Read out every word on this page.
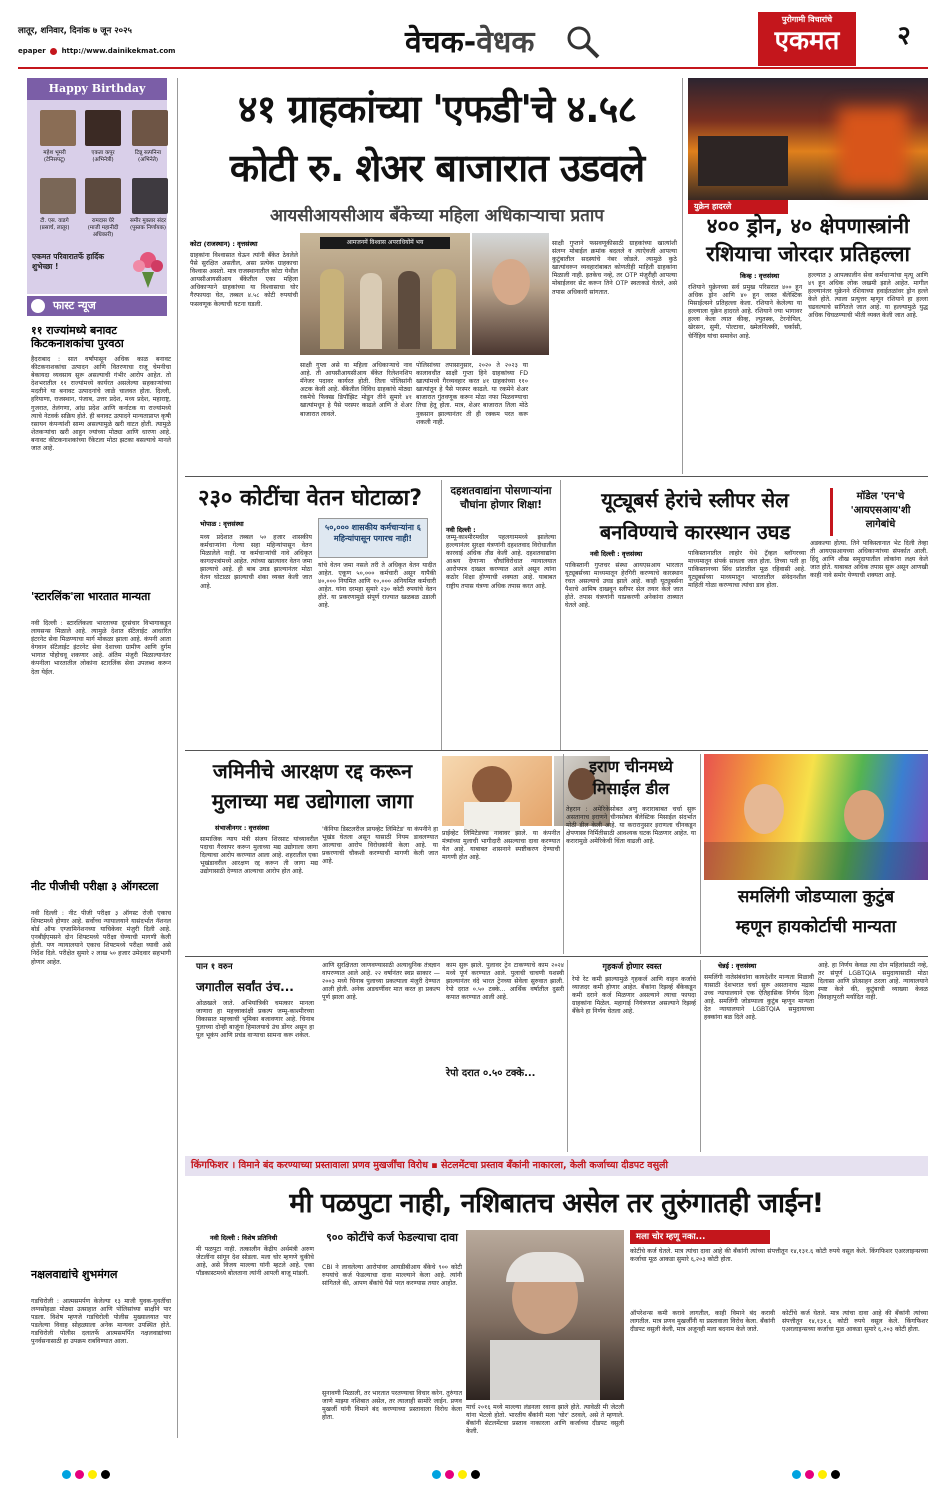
लातूर, शनिवार, दिनांक ७ जून २०२५
epaper http://www.dainikekmat.com	वेचक-वेधक
पुरोगामी विचारांचे
एकमत	२
Happy Birthday
महेश भूमरी
(टेनिसपटू)
एकता कपूर
(अभिनेत्री)
टिन्नू सत्पनिना
(अभिनेते)
टी. एस. वाडगे
(प्रसार्च, लातूर)
रामदास घेरे
(माजी महानीदी अधिकारी)
समीर मुक्तार संदर
(पुस्तक निर्णायक)
एकमत परिवारातर्फे हार्दिक शुभेच्छा !
फास्ट न्यूज
११ राज्यांमध्ये बनावट किटकनाशकांचा पुरवठा
हैदराबाद : सात वर्षांपासून अधिक काळ बनावट कीटकनाशकांचा उत्पादन आणि वितरणाचा राजू चेमनीचा बेकायदा व्यवसाय सुरू असल्याची गंभीर आरोप आहेत. तो देशभरातील ११ राज्यांमध्ये कार्यरत असलेल्या सहकाऱ्यांच्या मदतीने या बनावट उत्पादनांचे जाळे चालवत होता. दिल्ली, हरियाणा, राजस्थान, पंजाब, उत्तर प्रदेश, मध्य प्रदेश, महाराष्ट्र, गुजरात, तेलंगणा, आंध्र प्रदेश आणि कर्नाटक या राज्यांमध्ये त्याचे नेटवर्क सक्रिय होते. ही बनावट उत्पादने मान्यताप्राप्त कृषी रसायन कंपन्यांशी साम्य असल्यामुळे खरी वाटत होती. त्यामुळे शेतकऱ्यांचा खरी आहुन ज्यांच्या मोठ्या आणि धारणा आहे. बनावट कीटकनाशकांच्या रॅकेटला मोठा झटका बसल्याचे मानले जात आहे.
'स्टारलिंक'ला भारतात मान्यता
नवी दिल्ली : स्टारलिंकला भारताच्या दूरसंचार विभागाकडून लायसन्स मिळाले आहे. त्यामुळे देशात सॅटेलाईट आधारित इंटरनेट सेवा मिळण्याचा मार्ग मोकळा झाला आहे. कंपनी आता वेगवान सॅटेलाईट इंटरनेट सेवा देशाच्या ग्रामीण आणि दुर्गम भागात पोहोचवू शकणार आहे. अंतिम मंजुरी मिळाल्यानंतर कंपनीला भारतातील लोकांना स्टारलिंक सेवा उपलब्ध करून देता येईल.
नीट पीजीची परीक्षा ३ ऑगस्टला
नवी दिल्ली : नीट पीजी परीक्षा ३ ऑगस्ट रोजी एकाच शिफ्टमध्ये होणार आहे. सर्वोच्च न्यायालयाने यासंदर्भात नॅशनल बोर्ड ऑफ एग्जामिनेशनच्या याचिकेवर मंजुरी दिली आहे. एनबीईएमसने दोन शिफ्टमध्ये परीक्षा घेण्याची मागणी केली होती. पण न्यायालयाने एकाच शिफ्टमध्ये परीक्षा घ्यावी असे निर्देश दिले. परीक्षेत सुमारे २ लाख ५० हजार उमेदवार सहभागी होणार आहेत.
नक्षलवाद्यांचे शुभमंगल
गडचिरोली : आत्मसमर्पण केलेल्या १३ माजी युवक-युवतींचा लग्नसोहळा मोठ्या उत्साहात आणि पोलिसांच्या साक्षीने पार पडला. विशेष म्हणजे गडचिरोली पोलीस मुख्यालयात पार पडलेल्या विवाह सोहळ्याला अनेक मान्यवर उपस्थित होते. गडचिरोली पोलीस दलातर्फे आत्मसमर्पित नक्षलवाद्यांच्या पुनर्वसनासाठी हा उपक्रम राबविण्यात आला.
४१ ग्राहकांच्या 'एफडी'चे ४.५८
कोटी रु. शेअर बाजारात उडवले
आयसीआयसीआय बँकेच्या महिला अधिकाऱ्याचा प्रताप
कोटा (राजस्थान) : वृत्तसंस्था
ग्राहकांना विश्वासात घेऊन त्यांनी बँकेत ठेवलेले पैसे सुरक्षित असतील, असा प्रत्येक ग्राहकाचा विश्वास असतो. मात्र राजस्थानातील कोटा येथील आयसीआयसीआय बँकेतील एका महिला अधिकाऱ्याने ग्राहकांच्या या विश्वासाचा घोर गैरफायदा घेत, तब्बल ४.५८ कोटी रुपयांची फसवणूक केल्याची घटना घडली.
आमजनमें विश्वास अपराधियोंमें भय
साक्षी गुप्ता असे या महिला अधिकाऱ्याचे नाव आहे. ती आयसीआयसीआय बँकेत रिलेशनशिप मॅनेजर पदावर कार्यरत होती. तिला पोलिसांनी अटक केली आहे. बँकेतील विविध ग्राहकांचे मोठ्या रकमेचे फिक्स्ड डिपॉझिट मोडून तीने सुमारे ४१ खात्यांमधून हे पैसे परस्पर काढले आणि ते शेअर बाजारात लावले.
पोलिसांच्या तपासानुसार, २०२० ते २०२३ या कालावधीत साक्षी गुप्ता हिने ग्राहकांच्या FD खात्यांमध्ये गैरव्यवहार करत ४१ ग्राहकांच्या ११० खात्यांतून हे पैसे परस्पर काढले. या रकमेने शेअर बाजारात गुंतवणूक करून मोठा नफा मिळवण्याचा तिचा हेतू होता. मात्र, शेअर बाजारात तिला मोठे नुकसान झाल्यानंतर ती ही रक्कम परत करू शकली नाही.
साक्षी गुप्ताने फसवणूकीसाठी ग्राहकांच्या खात्यांशी संलग्न मोबाईल क्रमांक बदलले व त्याऐवजी आपल्या कुटुंबातील सदस्यांचे नंबर जोडले. त्यामुळे कुठे खात्यांवरून व्यवहारांबाबत कोणतीही माहिती ग्राहकांना मिळाली नाही. इतकेच नव्हे, तर OTP मंजुरीही आपल्या मोबाईलवर सेट करून तिने OTP स्वतःकडे घेतले, असे तपास अधिकारी सांगतात.
युक्रेन हादरले
४०० ड्रोन, ४० क्षेपणास्त्रांनी
रशियाचा जोरदार प्रतिहल्ला
किव्ह : वृत्तसंस्था
रशियाने युक्रेनच्या सर्व प्रमुख परिसरात ४०० हून अधिक ड्रोन आणि ४० हून जास्त बॅलेस्टिक मिसाईल्सने प्रतिहल्ला केला. रशियाने केलेल्या या हल्ल्याला युक्रेन हादरले आहे. रशियाने ज्या भागावर हल्ला केला त्यात कीव्ह, ल्युतस्क, टेरनोपिल, खेरसन, सुमी, पोल्टावा, ख्मेलनित्स्की, चर्कासी, चेर्निहिव यांचा समावेश आहे.
हल्ल्यात ३ आपत्कालीन सेवा कर्मचाऱ्यांचा मृत्यू आणि ४९ हून अधिक लोक जखमी झाले आहेत. मागील हल्ल्यानंतर युक्रेनने रशियाच्या हवाईतळांवर ड्रोन हल्ले केले होते. त्याला प्रत्युत्तर म्हणून रशियाने हा हल्ला चढवल्याचे सांगितले जात आहे. या हल्ल्यामुळे युद्ध अधिक चिघळण्याची भीती व्यक्त केली जात आहे.
२३० कोटींचा वेतन घोटाळा?
भोपाळ : वृत्तसंस्था	५०,००० शासकीय कर्मचाऱ्यांना ६ महिन्यांपासून पगारच नाही!
मध्य प्रदेशात तब्बल ५० हजार शासकीय कर्मचाऱ्यांना गेल्या सहा महिन्यांपासून वेतन मिळालेले नाही. या कर्मचाऱ्यांची नावे अधिकृत कागदपत्रांमध्ये आहेत. त्यांच्या खात्यावर वेतन जमा झाल्याचे आहे. ही बाब उघड झाल्यानंतर मोठा वेतन घोटाळा झाल्याची शंका व्यक्त केली जात आहे.
यांचे वेतन जमा नसले तरी ते अधिकृत वेतन यादीत आहेत. एकूण ५०,००० कर्मचारी असून यापैकी ४०,००० नियमित आणि १०,००० अनियमित कर्मचारी आहेत. यांना दरमहा सुमारे २३० कोटी रुपयांचे वेतन होते. या प्रकरणामुळे संपूर्ण राज्यात खळबळ उडाली आहे.
दहशतवाद्यांना पोसणाऱ्यांना चौघांना होणार शिक्षा!
जम्मू-काश्मीरमधील पहलगाममध्ये झालेल्या हल्ल्यानंतर सुरक्षा यंत्रणांनी दहशतवाद विरोधातील कारवाई अधिक तीव्र केली आहे. दहशतवाद्यांना आश्रय देणाऱ्या चौघांविरोधात न्यायालयात आरोपपत्र दाखल करण्यात आले असून त्यांना कठोर शिक्षा होण्याची शक्यता आहे. याबाबत राष्ट्रीय तपास यंत्रणा अधिक तपास करत आहे.
नवी दिल्ली :
यूट्यूबर्स हेरांचे स्लीपर सेल
बनविण्याचे कारस्थान उघड
मॉडेल 'एन'चे 'आयएसआय'शी लागेबांधे
नवी दिल्ली : वृत्तसंस्था
पाकिस्तानी गुप्तचर संस्था आयएसआय भारतात यूट्यूबर्सच्या माध्यमातून हेरगिरी करण्याचे कारस्थान रचत असल्याचे उघड झाले आहे. काही यूट्यूबर्सना पैशाचे आमिष दाखवून स्लीपर सेल तयार केले जात होते. तपास यंत्रणांनी याप्रकरणी अनेकांना ताब्यात घेतले आहे.
पाकिस्तानातील लाहोर येथे ट्रॅव्हल ब्लॉगरच्या माध्यमातून संपर्क साधला जात होता. तिच्या पती हा पाकिस्तानच्या सिंध प्रांतातील मूळ रहिवासी आहे. यूट्यूबर्सच्या माध्यमातून भारतातील संवेदनशील माहिती गोळा करण्याचा त्यांचा डाव होता.
अडकल्या होत्या. तिने पाकिस्तानात भेट दिली तेव्हा ती आयएसआयच्या अधिकाऱ्यांच्या संपर्कात आली. हिंदू आणि शीख समुदायातील लोकांना लक्ष्य केले जात होते. याबाबत अधिक तपास सुरू असून आणखी काही नावे समोर येण्याची शक्यता आहे.
जमिनीचे आरक्षण रद्द करून
मुलाच्या मद्य उद्योगाला जागा
संभाजीनगर : वृत्तसंस्था
सामाजिक न्याय मंत्री संजय शिरसाट यांच्यावरील पदाचा गैरवापर करून मुलाच्या मद्य उद्योगाला जागा दिल्याचा आरोप करण्यात आला आहे. शहरातील एका भूखंडावरील आरक्षण रद्द करून ती जागा मद्य उद्योगासाठी देण्यात आल्याचा आरोप होत आहे.
'कॅनिया डिस्टलरीज प्रायव्हेट लिमिटेड' या कंपनीने हा भूखंड घेतला असून यासाठी नियम डावलण्यात आल्याचा आरोप विरोधकांनी केला आहे. या प्रकरणाची चौकशी करण्याची मागणी केली जात आहे.
प्राईव्हेट लिमिटेडच्या नावावर झाले. या कंपनीत मंत्र्यांच्या मुलाची भागीदारी असल्याचा दावा करण्यात येत आहे. याबाबत शासनाने स्पष्टीकरण देण्याची मागणी होत आहे.
इराण चीनमध्ये
मिसाईल डील
तेहरान : अमेरिकेसोबत अणु कराराबाबत चर्चा सुरू असतानाच इराणने चीनसोबत बॅलेस्टिक मिसाईल संदर्भात मोठी डील केली आहे. या करारानुसार इराणला चीनकडून क्षेपणास्त्र निर्मितीसाठी आवश्यक घटक मिळणार आहेत. या करारामुळे अमेरिकेची चिंता वाढली आहे.
समलिंगी जोडप्याला कुटुंब
म्हणून हायकोर्टाची मान्यता
पान १ वरुन
जगातील सर्वांत उंच...
ओळखले जाते. अभियांत्रिकी चमत्कार मानला जाणारा हा महत्त्वाकांक्षी प्रकल्प जम्मू-काश्मीरच्या विकासात महत्त्वाची भूमिका बजावणार आहे. चिनाब पुलाच्या दोन्ही बाजूंना हिमालयाचे उंच डोंगर असून हा पूल भूकंप आणि प्रचंड वाऱ्याचा सामना करू शकेल.
आणि सुरक्षितता जाणवण्यासाठी अत्याधुनिक तंत्रज्ञान वापरण्यात आले आहे. २२ वर्षानंतर स्वप्न साकार — २००३ मध्ये चिनाब पुलाच्या प्रकल्पाला मंजुरी देण्यात आली होती. अनेक अडचणींवर मात करत हा प्रकल्प पूर्ण झाला आहे.
काम सुरू झाले. पुलावर ट्रेन टाकण्याचे काम २०२४ मध्ये पूर्ण करण्यात आले. पुलाची चाचणी यशस्वी झाल्यानंतर वंदे भारत ट्रेनच्या सेवेला सुरुवात झाली. रेपो दरात ०.५० टक्के... आर्थिक वर्षातील दुसरी कपात करण्यात आली आहे.
रेपो दरात ०.५० टक्के...
गृहकर्ज होणार स्वस्त
रेपो रेट कमी झाल्यामुळे गृहकर्ज आणि वाहन कर्जाचे व्याजदर कमी होणार आहेत. बँकांना रिझर्व्ह बँकेकडून कमी दराने कर्ज मिळणार असल्याने त्याचा फायदा ग्राहकांना मिळेल. महागाई नियंत्रणात असल्याने रिझर्व्ह बँकेने हा निर्णय घेतला आहे.
चेन्नई : वृत्तसंस्था
समलिंगी नातेसंबंधांना कायदेशीर मान्यता मिळावी यासाठी देशभरात चर्चा सुरू असतानाच मद्रास उच्च न्यायालयाने एक ऐतिहासिक निर्णय दिला आहे. समलिंगी जोडप्याला कुटुंब म्हणून मान्यता देत न्यायालयाने LGBTQIA समुदायाच्या हक्कांना बळ दिले आहे.
आहे. हा निर्णय केवळ त्या दोन महिलांसाठी नव्हे, तर संपूर्ण LGBTQIA समुदायासाठी मोठा दिलासा आणि प्रोत्साहन ठरला आहे. न्यायालयाने स्पष्ट केले की, कुटुंबाची व्याख्या केवळ विवाहापुरती मर्यादित नाही.
किंगफिशर । विमाने बंद करण्याच्या प्रस्तावाला प्रणव मुखर्जींचा विरोध ▪ सेटलमेंटचा प्रस्ताव बँकांनी नाकारला, केली कर्जाच्या दीडपट वसुली
मी पळपुटा नाही, नशिबातच असेल तर तुरुंगातही जाईन!
नवी दिल्ली : विशेष प्रतिनिधी
मी पळपुटा नाही. तत्कालीन केंद्रीय अर्थमंत्री अरुण जेटलींना सांगून देश सोडला. मला चोर म्हणणे चुकीचे आहे, असे विजय माल्ल्या यांनी म्हटले आहे. एका पॉडकास्टमध्ये बोलताना त्यांनी आपली बाजू मांडली.
९०० कोटींचे कर्ज फेडल्याचा दावा
CBI ने लावलेल्या आरोपांवर आयडीबीआय बँकेचे ९०० कोटी रुपयांचे कर्ज फेडल्याचा दावा माल्ल्याने केला आहे. त्यांनी सांगितले की, आपण बँकांचे पैसे परत करण्यास तयार आहोत.
सुनावणी मिळाली, तर भारतात परतण्याचा विचार करेन. तुरुंगात जाणे माझ्या नशिबात असेल, तर त्यालाही सामोरे जाईन. प्रणव मुखर्जी यांनी विमाने बंद करण्याच्या प्रस्तावाला विरोध केला होता.
मार्च २०१६ मध्ये माल्ल्या लंडनला रवाना झाले होते. त्यावेळी मी जेटली यांना भेटलो होतो. भारतीय बँकांनी मला 'चोर' ठरवले, असे ते म्हणाले. बँकांनी सेटलमेंटचा प्रस्ताव नाकारला आणि कर्जाच्या दीडपट वसुली केली.
मला चोर म्हणू नका...
कोटींचे कर्ज घेतले. मात्र त्यांचा दावा आहे की बँकांनी त्यांच्या संपत्तीतून १४,१३१.६ कोटी रुपये वसूल केले. किंगफिशर एअरलाइन्सच्या कर्जाचा मूळ आकडा सुमारे ६,२०३ कोटी होता.
ऑपरेशन्स कमी करावे लागतील, काही विमाने बंद करावी लागतील. मात्र प्रणव मुखर्जींनी या प्रस्तावाला विरोध केला. बँकांनी दीडपट वसुली केली, मात्र अजूनही मला बदनाम केले जाते.
कोटींचे कर्ज घेतले. मात्र त्यांचा दावा आहे की बँकांनी त्यांच्या संपत्तीतून १४,१३१.६ कोटी रुपये वसूल केले. किंगफिशर एअरलाइन्सच्या कर्जाचा मूळ आकडा सुमारे ६,२०३ कोटी होता.
